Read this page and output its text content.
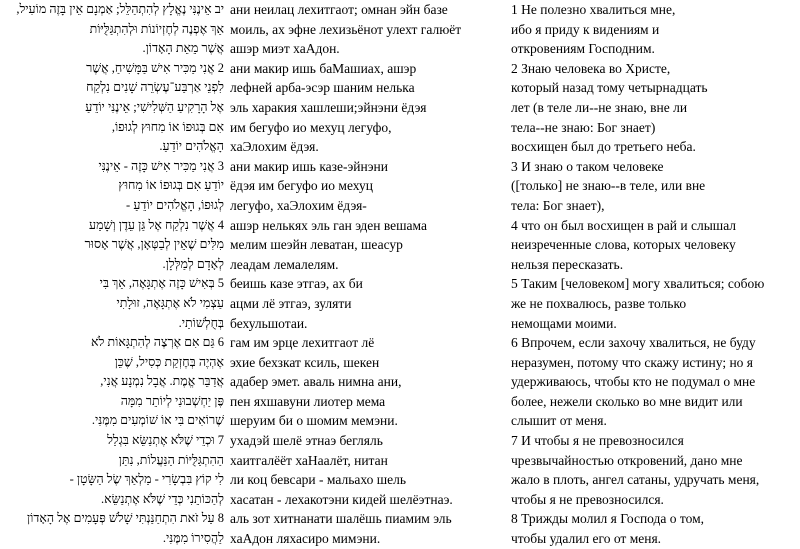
יב אֵינֶנִּי נֶאֱלָץ לְהִתְהַלֵּל; אַמְנָם אֵין בָּזֶה מוֹעִיל,
אַךְ אֶפְנֶה לְחֶזְיוֹנוֹת וּלְהִתְגַּלֻּיּוֹת
אֲשֶׁר מֵאֵת הָאָדוֹן.
2 אֲנִי מַכִּיר אִישׁ בַּמָּשִׁיחַ, אֲשֶׁר
לִפְנֵי אַרְבַּע־עֶשְׂרֵה שָׁנִים נִלְקַח
אֶל הָרָקִיעַ הַשְּׁלִישִׁי; אֵינֶנִּי יוֹדֵעַ
אִם בְּגוּפוֹ אוֹ מִחוּץ לְגוּפוֹ,
הָאֱלֹהִים יוֹדֵעַ.
3 אֲנִי מַכִּיר אִישׁ כָּזֶה - אֵינֶנִּי
יוֹדֵעַ אִם בְּגוּפוֹ אוֹ מִחוּץ
לְגוּפוֹ, הָאֱלֹהִים יוֹדֵעַ -
4 אֲשֶׁר נִלְקַח אֶל גַּן עֵדֶן וְשָׁמַע
מִלִּים שֶׁאֵין לְבַטְּאָן, אֲשֶׁר אָסוּר
לְאָדָם לְמַלְּלָן.
5 בְּאִישׁ כָּזֶה אֶתְגָּאֶה, אַךְ בִּי
עַצְמִי לֹא אֶתְגָּאֶה, זוּלָתִי
בְּחֻלְשׁוֹתַי.
6 גַּם אִם אֶרְצֶה לְהִתְגָּאוֹת לֹא
אֶהְיֶה בְּחֶזְקַת כְּסִיל, שֶׁכֵּן
אֲדַבֵּר אֱמֶת. אֲבָל נִמְנָע אֲנִי,
פֶּן יַחְשְׁבוּנִי לְיוֹתֵר מִמָּה
שֶׁרוֹאִים בִּי אוֹ שׁוֹמְעִים מִמֶּנִּי.
7 וּכְדֵי שֶׁלֹּא אֶתְנַשֵּׂא בִּגְלַל
הַהִתְגַּלֻּיּוֹת הַנַּעֲלוֹת, נִתַּן
לִי קוֹץ בִּבְשָׂרִי - מַלְאַךְ שֶׂל הַשָּׂטָן -
לְהַכּוֹתֵנִי כְּדֵי שֶׁלֹּא אֶתְנַשֵּׂא.
8 עַל זֹאת הִתְחַנַּנְתִּי שָׁלֹשׁ פְּעָמִים אֶל הָאָדוֹן
לַהֲסִירוֹ מִמֶּנִּי.
ани неилац лехитгаот; омнан эйн базе
моиль, ах эфне лехизьёнот улехт галюёт
ашэр миэт хаАдон.
ани макир ишь баМашиах, ашэр
лефней арба-эсэр шаним нелька
эль харакия хашлеши;эйнэни ёдэя
им бегуфо ио мехуц легуфо,
хаЭлохим ёдэя.
ани макир ишь казе-эйнэни
ёдэя им бегуфо ио мехуц
легуфо, хаЭлохим ёдэя-
ашэр нелькях эль ган эден вешама
мелим шеэйн леватан, шеасур
леадам лемалелям.
беишь казе этгаэ, ах би
ацми лё этгаэ, зуляти
бехульшотаи.
гам им эрце лехитгаот лё
эхие бехзкат ксиль, шекен
адабер эмет. аваль нимна ани,
пен яхшавуни лиотер мема
шеруим би о шомим мемэни.
ухадэй шелё этнаэ бегляль
хаитгалёёт хаНаалёт, нитан
ли коц бевсари - мальахо шель
хасатан - лехакотэни кидей шелёэтнаэ.
аль зот хитнанати шалёшь пиамим эль
хаАдон ляхасиро мимэни.
1 Не полезно хвалиться мне,
ибо я приду к видениям и
откровениям Господним.
2 Знаю человека во Христе,
который назад тому четырнадцать
лет (в теле ли--не знаю, вне ли
тела--не знаю: Бог знает)
восхищен был до третьего неба.
3 И знаю о таком человеке
([только] не знаю--в теле, или вне
тела: Бог знает),
4 что он был восхищен в рай и слышал
неизреченные слова, которых человеку
нельзя пересказать.
5 Таким [человеком] могу хвалиться; собою
же не похвалюсь, разве только
немощами моими.
6 Впрочем, если захочу хвалиться, не буду
неразумен, потому что скажу истину; но я
удерживаюсь, чтобы кто не подумал о мне
более, нежели сколько во мне видит или
слышит от меня.
7 И чтобы я не превозносился
чрезвычайностью откровений, дано мне
жало в плоть, ангел сатаны, удручать меня,
чтобы я не превозносился.
8 Трижды молил я Господа о том,
чтобы удалил его от меня.
